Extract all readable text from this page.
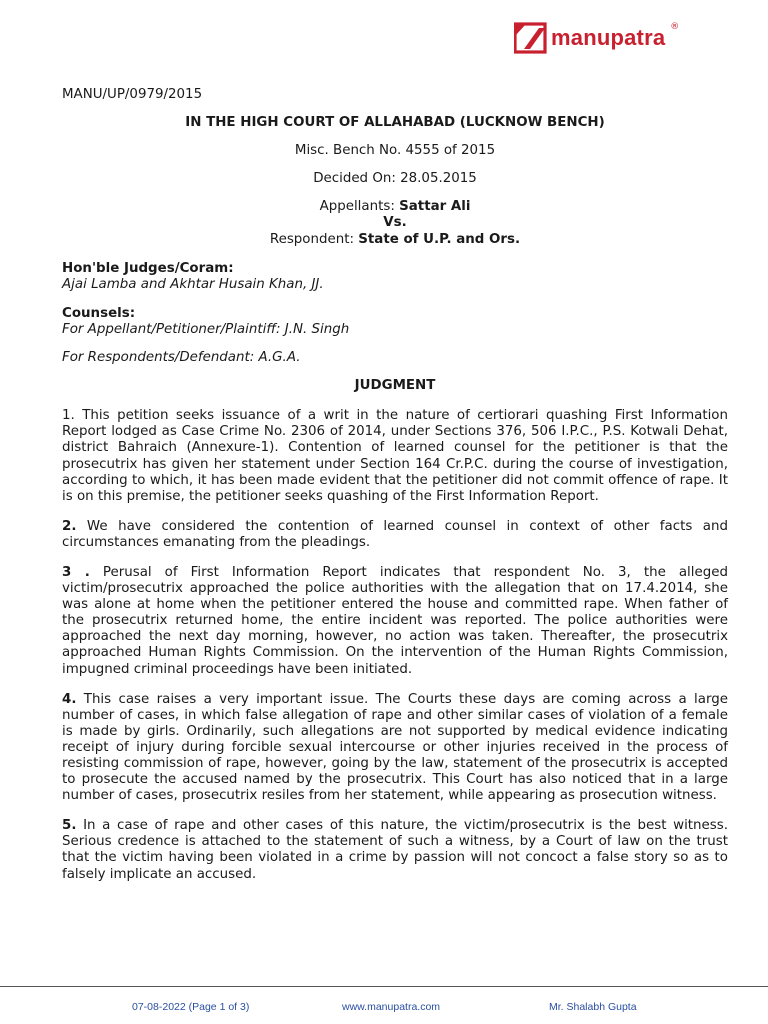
manupatra ®

MANU/UP/0979/2015

IN THE HIGH COURT OF ALLAHABAD (LUCKNOW BENCH)

Misc. Bench No. 4555 of 2015

Decided On: 28.05.2015

Appellants: Sattar Ali
Vs.
Respondent: State of U.P. and Ors.
Hon'ble Judges/Coram:
Ajai Lamba and Akhtar Husain Khan, JJ.
Counsels:
For Appellant/Petitioner/Plaintiff: J.N. Singh
For Respondents/Defendant: A.G.A.
JUDGMENT

1. This petition seeks issuance of a writ in the nature of certiorari quashing First Information Report lodged as Case Crime No. 2306 of 2014, under Sections 376, 506 I.P.C., P.S. Kotwali Dehat, district Bahraich (Annexure-1). Contention of learned counsel for the petitioner is that the prosecutrix has given her statement under Section 164 Cr.P.C. during the course of investigation, according to which, it has been made evident that the petitioner did not commit offence of rape. It is on this premise, the petitioner seeks quashing of the First Information Report.

2. We have considered the contention of learned counsel in context of other facts and circumstances emanating from the pleadings.

3 . Perusal of First Information Report indicates that respondent No. 3, the alleged victim/prosecutrix approached the police authorities with the allegation that on 17.4.2014, she was alone at home when the petitioner entered the house and committed rape. When father of the prosecutrix returned home, the entire incident was reported. The police authorities were approached the next day morning, however, no action was taken. Thereafter, the prosecutrix approached Human Rights Commission. On the intervention of the Human Rights Commission, impugned criminal proceedings have been initiated.

4. This case raises a very important issue. The Courts these days are coming across a large number of cases, in which false allegation of rape and other similar cases of violation of a female is made by girls. Ordinarily, such allegations are not supported by medical evidence indicating receipt of injury during forcible sexual intercourse or other injuries received in the process of resisting commission of rape, however, going by the law, statement of the prosecutrix is accepted to prosecute the accused named by the prosecutrix. This Court has also noticed that in a large number of cases, prosecutrix resiles from her statement, while appearing as prosecution witness.

5. In a case of rape and other cases of this nature, the victim/prosecutrix is the best witness. Serious credence is attached to the statement of such a witness, by a Court of law on the trust that the victim having been violated in a crime by passion will not concoct a false story so as to falsely implicate an accused.

07-08-2022 (Page 1 of 3)	www.manupatra.com	Mr. Shalabh Gupta
